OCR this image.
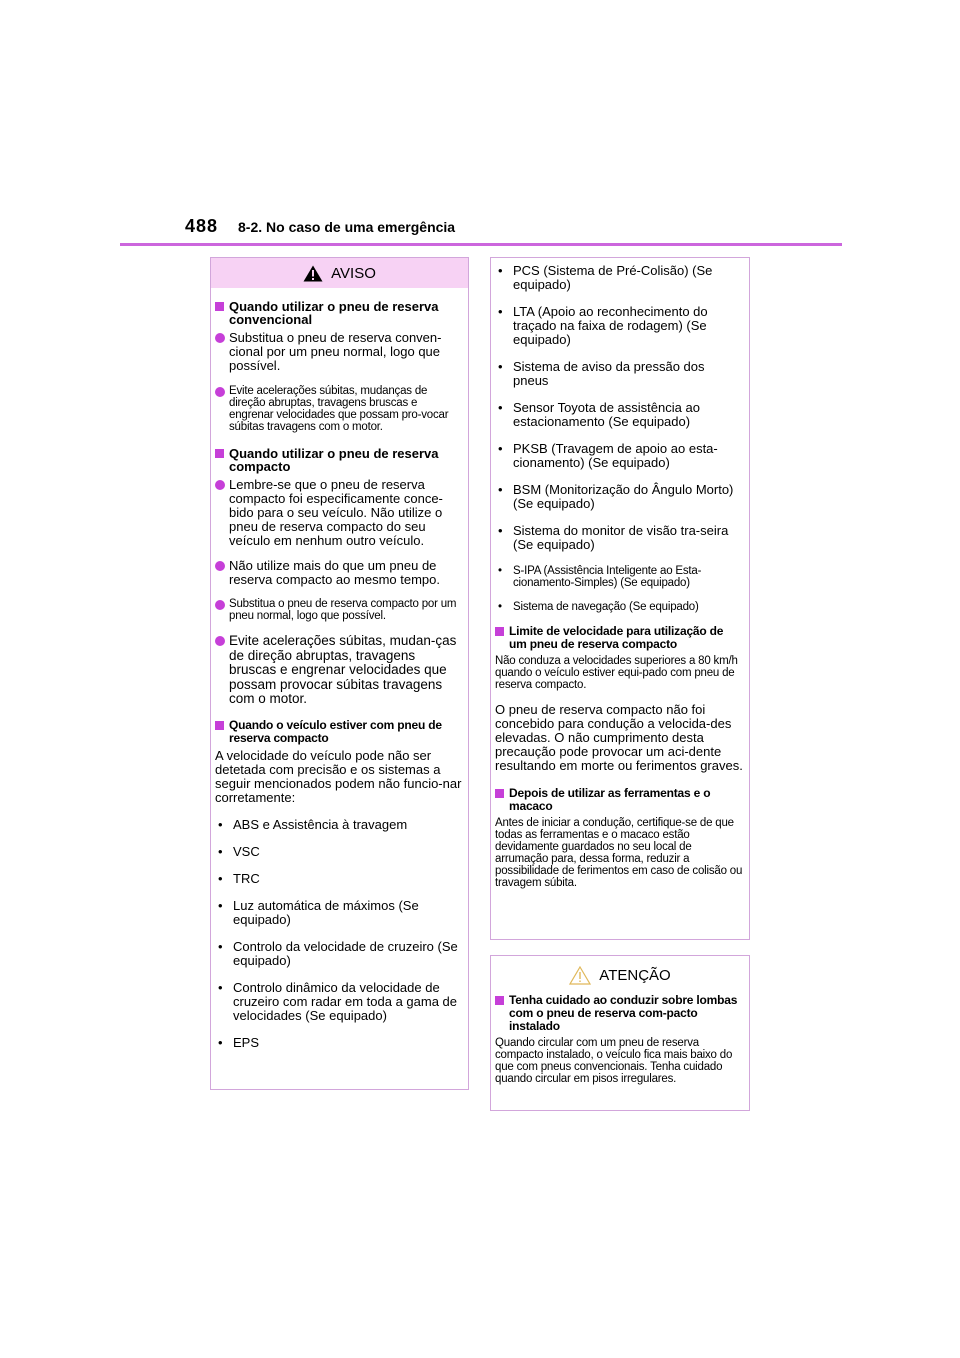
488 8-2. No caso de uma emergência
AVISO
Quando utilizar o pneu de reserva convencional
Substitua o pneu de reserva conven-cional por um pneu normal, logo que possível.
Evite acelerações súbitas, mudanças de direção abruptas, travagens bruscas e engrenar velocidades que possam pro-vocar súbitas travagens com o motor.
Quando utilizar o pneu de reserva compacto
Lembre-se que o pneu de reserva compacto foi especificamente conce-bido para o seu veículo. Não utilize o pneu de reserva compacto do seu veículo em nenhum outro veículo.
Não utilize mais do que um pneu de reserva compacto ao mesmo tempo.
Substitua o pneu de reserva compacto por um pneu normal, logo que possível.
Evite acelerações súbitas, mudan-ças de direção abruptas, travagens bruscas e engrenar velocidades que possam provocar súbitas travagens com o motor.
Quando o veículo estiver com pneu de reserva compacto
A velocidade do veículo pode não ser detetada com precisão e os sistemas a seguir mencionados podem não funcio-nar corretamente:
• ABS e Assistência à travagem
• VSC
• TRC
• Luz automática de máximos (Se equipado)
• Controlo da velocidade de cruzeiro (Se equipado)
• Controlo dinâmico da velocidade de cruzeiro com radar em toda a gama de velocidades (Se equipado)
• EPS
• PCS (Sistema de Pré-Colisão) (Se equipado)
• LTA (Apoio ao reconhecimento do traçado na faixa de rodagem) (Se equipado)
• Sistema de aviso da pressão dos pneus
• Sensor Toyota de assistência ao estacionamento (Se equipado)
• PKSB (Travagem de apoio ao esta-cionamento) (Se equipado)
• BSM (Monitorização do Ângulo Morto) (Se equipado)
• Sistema do monitor de visão tra-seira (Se equipado)
• S-IPA (Assistência Inteligente ao Esta-cionamento-Simples) (Se equipado)
• Sistema de navegação (Se equipado)
Limite de velocidade para utilização de um pneu de reserva compacto
Não conduza a velocidades superiores a 80 km/h quando o veículo estiver equi-pado com pneu de reserva compacto.
O pneu de reserva compacto não foi concebido para condução a velocida-des elevadas. O não cumprimento desta precaução pode provocar um aci-dente resultando em morte ou ferimentos graves.
Depois de utilizar as ferramentas e o macaco
Antes de iniciar a condução, certifique-se de que todas as ferramentas e o macaco estão devidamente guardados no seu local de arrumação para, dessa forma, reduzir a possibilidade de ferimentos em caso de colisão ou travagem súbita.
ATENÇÃO
Tenha cuidado ao conduzir sobre lombas com o pneu de reserva com-pacto instalado
Quando circular com um pneu de reserva compacto instalado, o veículo fica mais baixo do que com pneus convencionais. Tenha cuidado quando circular em pisos irregulares.
